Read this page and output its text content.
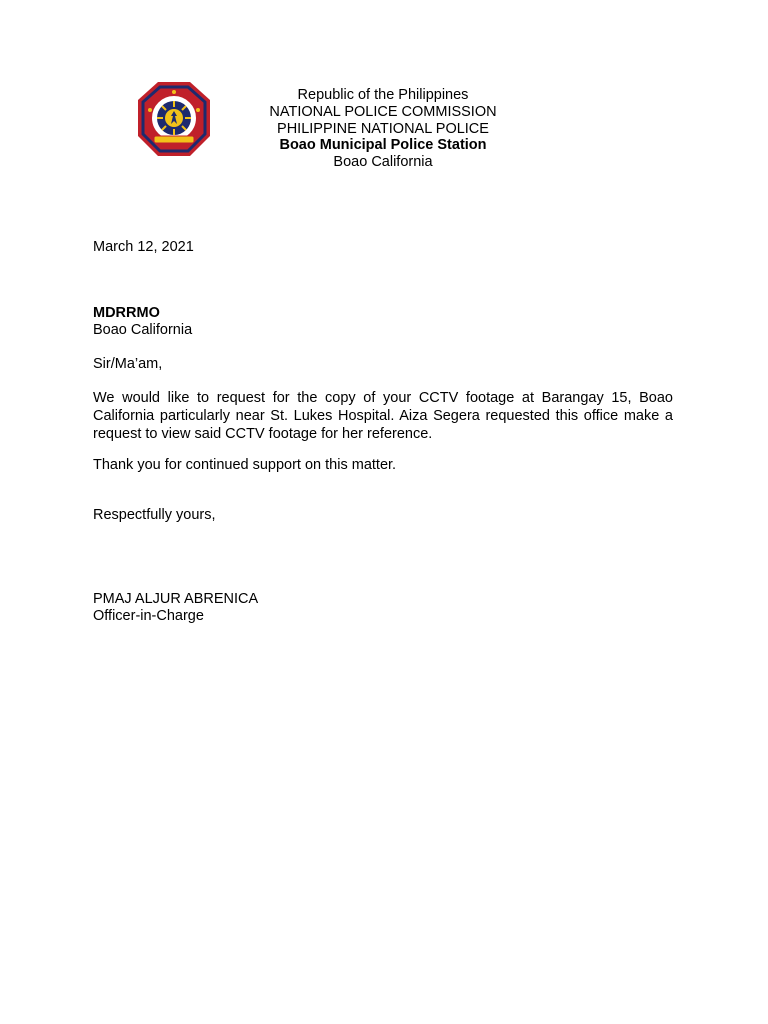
Republic of the Philippines
NATIONAL POLICE COMMISSION
PHILIPPINE NATIONAL POLICE
Boao Municipal Police Station
Boao California

March 12, 2021

MDRRMO
Boao California

Sir/Ma’am,

We would like to request for the copy of your CCTV footage at Barangay 15, Boao California particularly near St. Lukes Hospital. Aiza Segera requested this office make a request to view said CCTV footage for her reference.

Thank you for continued support on this matter.

Respectfully yours,

PMAJ ALJUR ABRENICA
Officer-in-Charge
